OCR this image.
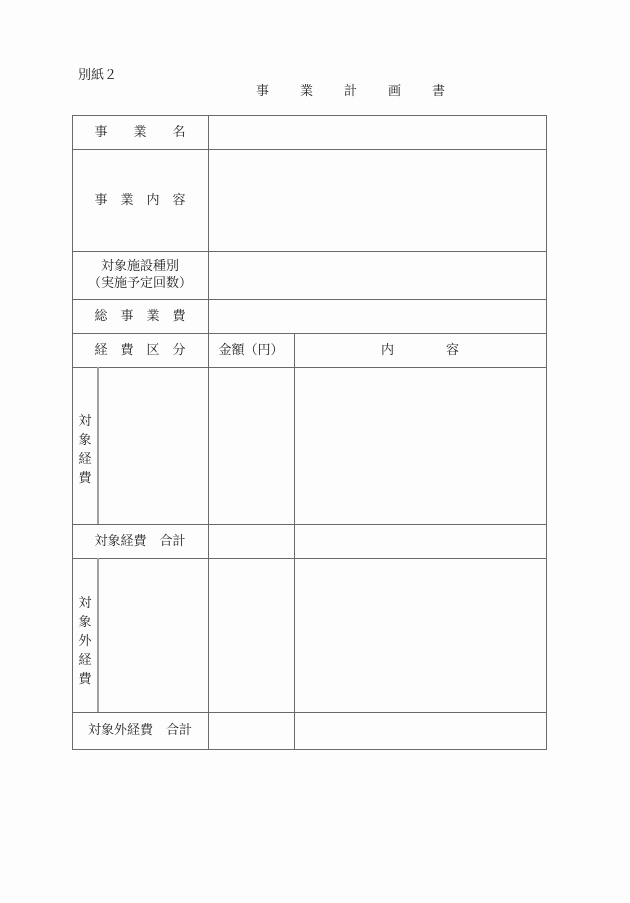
別紙２
事　業　計　画　書
事　　業　　名
事　業　内　容
対象施設種別
（実施予定回数）
総　事　業　費
経　費　区　分	金額（円）	内　　　　容
対
象
経
費
対象経費　合計
対
象
外
経
費
対象外経費　合計
